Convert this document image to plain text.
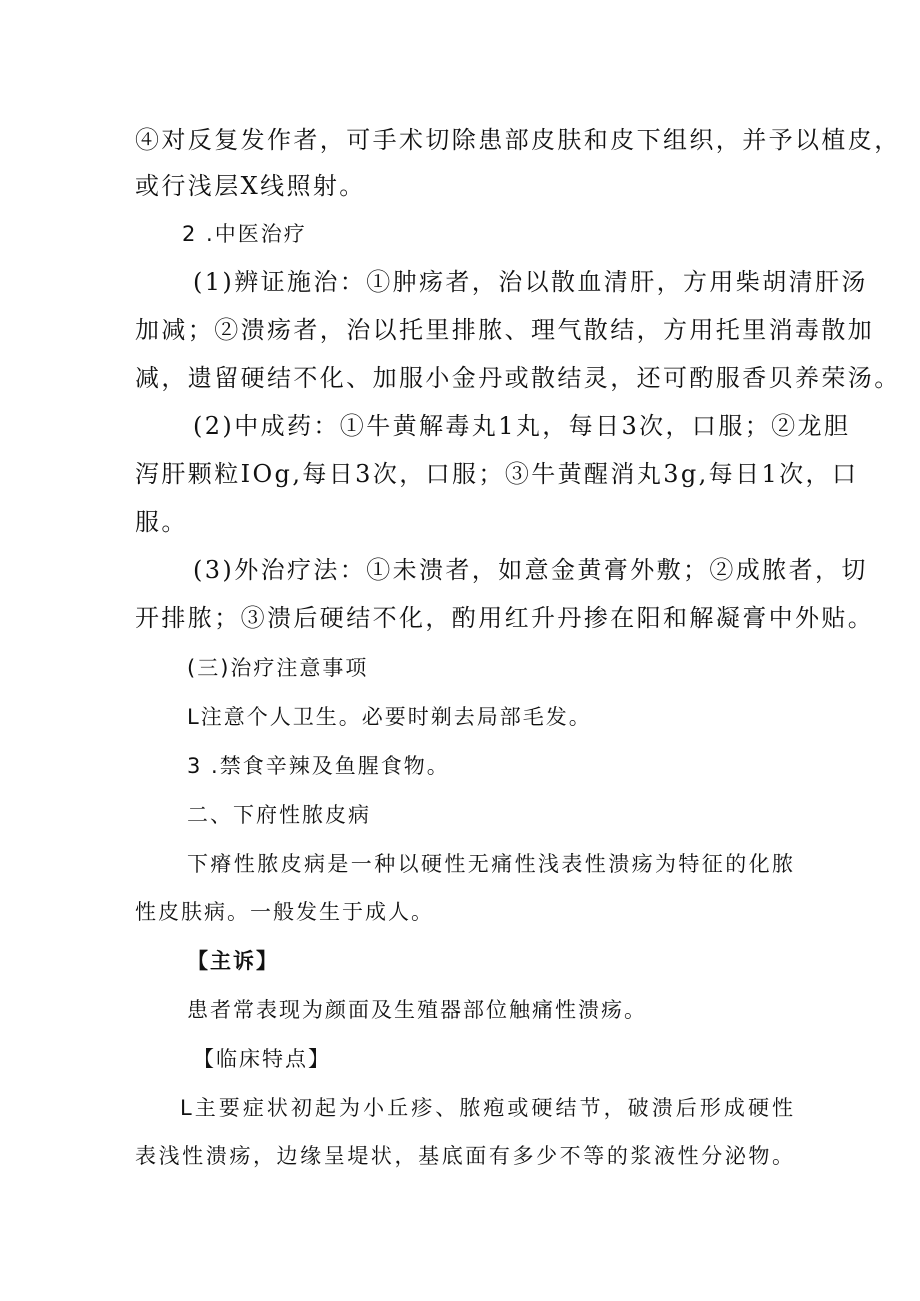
④对反复发作者，可手术切除患部皮肤和皮下组织，并予以植皮，
或行浅层X线照射。
2 .中医治疗
(1)辨证施治：①肿疡者，治以散血清肝，方用柴胡清肝汤
加减；②溃疡者，治以托里排脓、理气散结，方用托里消毒散加
减，遗留硬结不化、加服小金丹或散结灵，还可酌服香贝养荣汤。
(2)中成药：①牛黄解毒丸1丸，每日3次，口服；②龙胆
泻肝颗粒IOg,每日3次，口服；③牛黄醒消丸3g,每日1次，口
服。
(3)外治疗法：①未溃者，如意金黄膏外敷；②成脓者，切
开排脓；③溃后硬结不化，酌用红升丹掺在阳和解凝膏中外贴。
(三)治疗注意事项
L注意个人卫生。必要时剃去局部毛发。
3 .禁食辛辣及鱼腥食物。
二、下府性脓皮病
下瘠性脓皮病是一种以硬性无痛性浅表性溃疡为特征的化脓
性皮肤病。一般发生于成人。
【主诉】
患者常表现为颜面及生殖器部位触痛性溃疡。
【临床特点】
L主要症状初起为小丘疹、脓疱或硬结节，破溃后形成硬性
表浅性溃疡，边缘呈堤状，基底面有多少不等的浆液性分泌物。
